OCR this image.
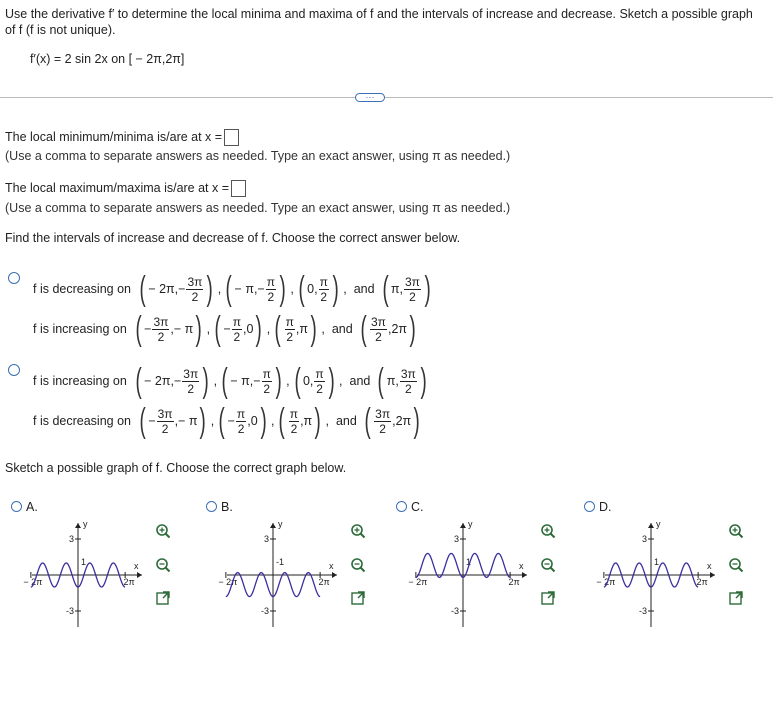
Use the derivative f′ to determine the local minima and maxima of f and the intervals of increase and decrease. Sketch a possible graph of f (f is not unique).
f′(x) = 2 sin 2x on [ − 2π,2π]
···
The local minimum/minima is/are at x =
(Use a comma to separate answers as needed. Type an exact answer, using π as needed.)
The local maximum/maxima is/are at x =
(Use a comma to separate answers as needed. Type an exact answer, using π as needed.)
Find the intervals of increase and decrease of f. Choose the correct answer below.
f is decreasing on ( − 2π, − $\frac{3\pi}{2}$ ) , ( − π, − $\frac{\pi}{2}$ ) , ( 0, $\frac{\pi}{2}$ ) , and ( π, $\frac{3\pi}{2}$ )
f is increasing on ( − $\frac{3\pi}{2}$ , − π ) , ( − $\frac{\pi}{2}$ , 0 ) , ( $\frac{\pi}{2}$ , π ) , and ( $\frac{3\pi}{2}$ , 2π )
f is increasing on ( − 2π, − $\frac{3\pi}{2}$ ) , ( − π, − $\frac{\pi}{2}$ ) , ( 0, $\frac{\pi}{2}$ ) , and ( π, $\frac{3\pi}{2}$ )
f is decreasing on ( − $\frac{3\pi}{2}$ , − π ) , ( − $\frac{\pi}{2}$ , 0 ) , ( $\frac{\pi}{2}$ , π ) , and ( $\frac{3\pi}{2}$ , 2π )
Sketch a possible graph of f. Choose the correct graph below.
A.
3
-3
y
x
− 2π	2π
1
B.
3
-3
y
x
− 2π	2π
-1
C.
3
-3
y
x
− 2π	2π
1
D.
3
-3
y
x
− 2π	2π
1
